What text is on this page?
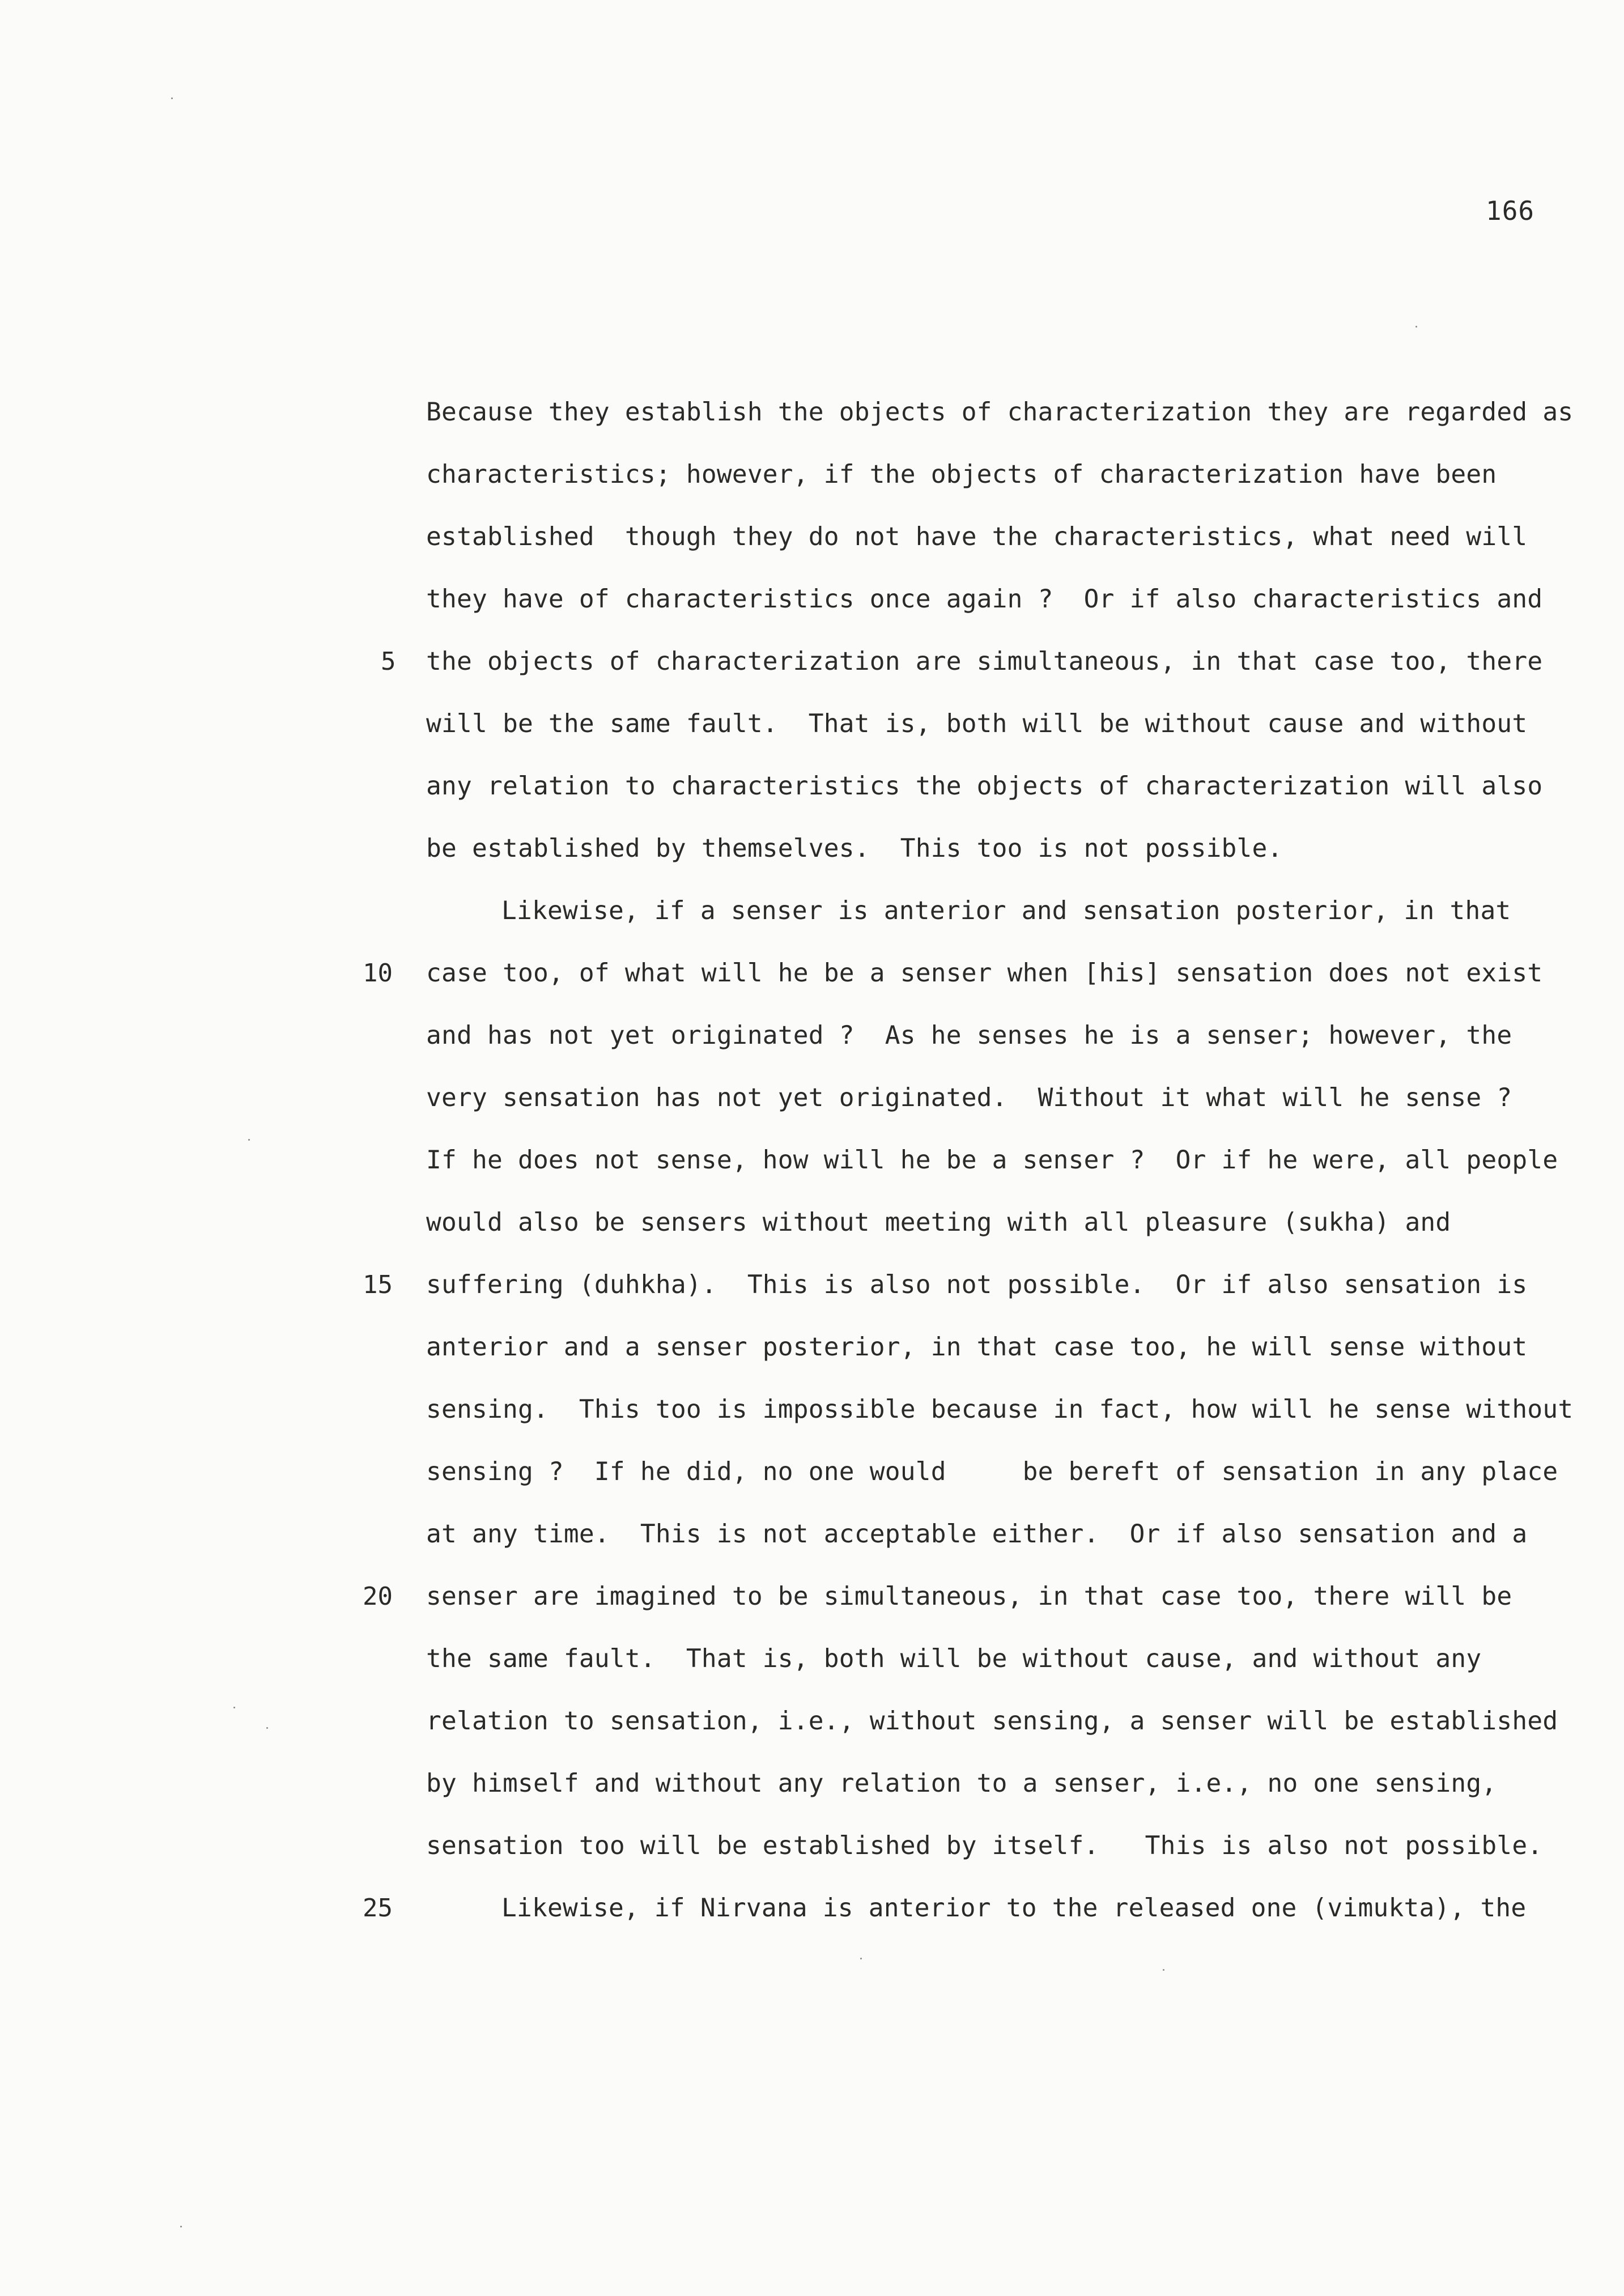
166
Because they establish the objects of characterization they are regarded as
characteristics; however, if the objects of characterization have been
established  though they do not have the characteristics, what need will
they have of characteristics once again ?  Or if also characteristics and
5 the objects of characterization are simultaneous, in that case too, there
will be the same fault.  That is, both will be without cause and without
any relation to characteristics the objects of characterization will also
be established by themselves.  This too is not possible.
Likewise, if a senser is anterior and sensation posterior, in that
10 case too, of what will he be a senser when [his] sensation does not exist
and has not yet originated ?  As he senses he is a senser; however, the
very sensation has not yet originated.  Without it what will he sense ?
If he does not sense, how will he be a senser ?  Or if he were, all people
would also be sensers without meeting with all pleasure (sukha) and
15 suffering (duhkha).  This is also not possible.  Or if also sensation is
anterior and a senser posterior, in that case too, he will sense without
sensing.  This too is impossible because in fact, how will he sense without
sensing ?  If he did, no one would     be bereft of sensation in any place
at any time.  This is not acceptable either.  Or if also sensation and a
20 senser are imagined to be simultaneous, in that case too, there will be
the same fault.  That is, both will be without cause, and without any
relation to sensation, i.e., without sensing, a senser will be established
by himself and without any relation to a senser, i.e., no one sensing,
sensation too will be established by itself.   This is also not possible.
25	Likewise, if Nirvana is anterior to the released one (vimukta), the
